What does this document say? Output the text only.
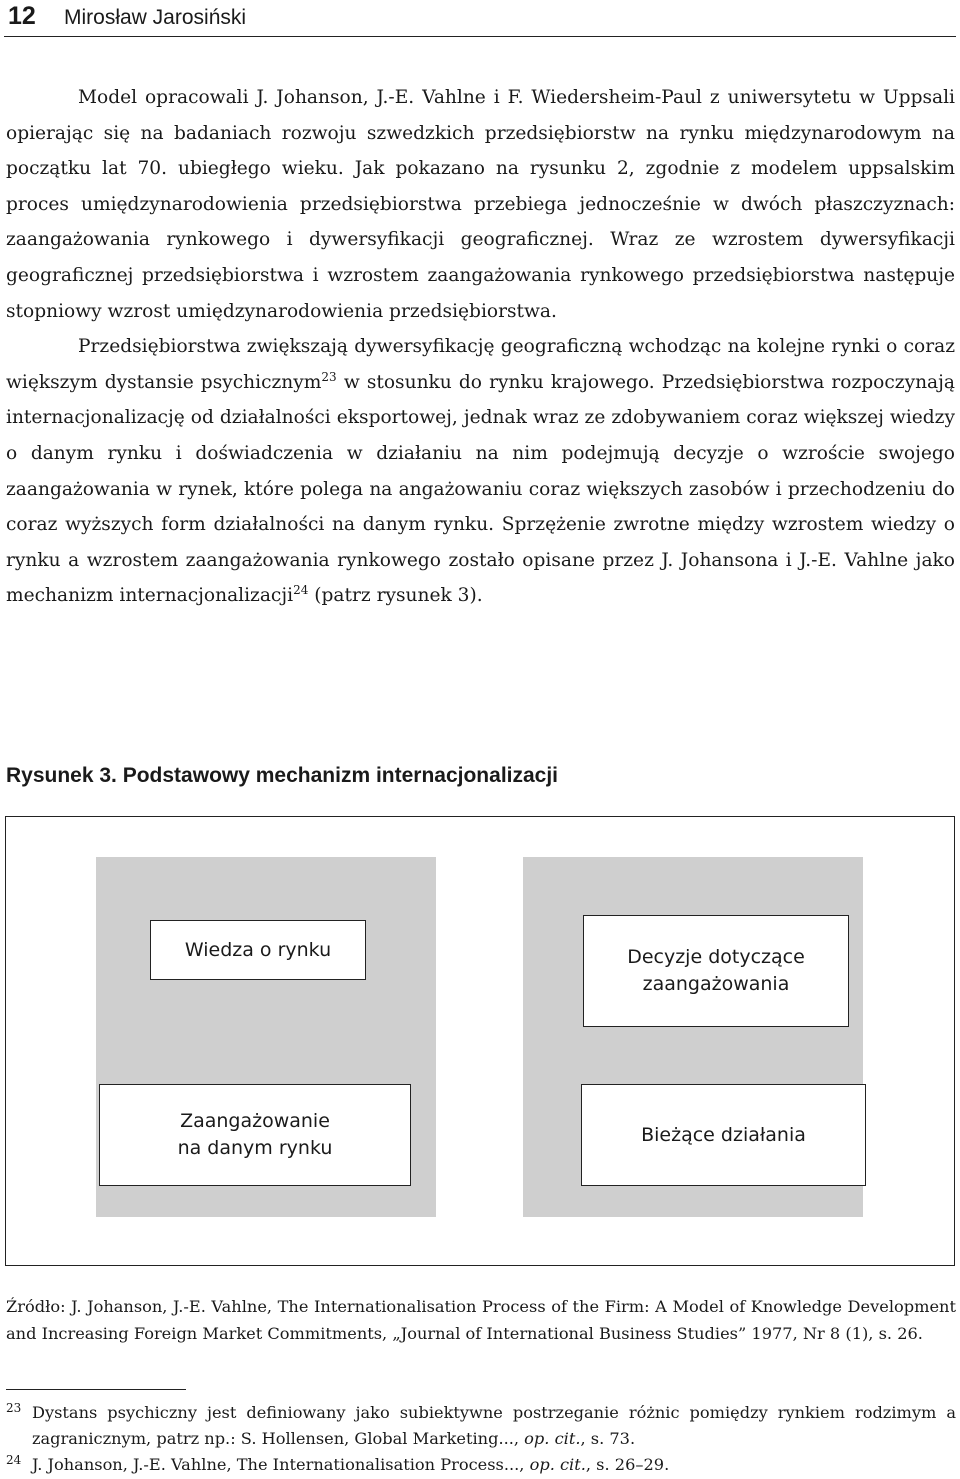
12 Mirosław Jarosiński

Model opracowali J. Johanson, J.-E. Vahlne i F. Wiedersheim-Paul z uniwersytetu w Uppsali opierając się na badaniach rozwoju szwedzkich przedsiębiorstw na rynku międzynarodowym na początku lat 70. ubiegłego wieku. Jak pokazano na rysunku 2, zgodnie z modelem uppsalskim proces umiędzynarodowienia przedsiębiorstwa przebiega jednocześnie w dwóch płaszczyznach: zaangażowania rynkowego i dywersyfikacji geograficznej. Wraz ze wzrostem dywersyfikacji geograficznej przedsiębiorstwa i wzrostem zaangażowania rynkowego przedsiębiorstwa następuje stopniowy wzrost umiędzynarodowienia przedsiębiorstwa.

Przedsiębiorstwa zwiększają dywersyfikację geograficzną wchodząc na kolejne rynki o coraz większym dystansie psychicznym$^{23}$ w stosunku do rynku krajowego. Przedsiębiorstwa rozpoczynają internacjonalizację od działalności eksportowej, jednak wraz ze zdobywaniem coraz większej wiedzy o danym rynku i doświadczenia w działaniu na nim podejmują decyzje o wzroście swojego zaangażowania w rynek, które polega na angażowaniu coraz większych zasobów i przechodzeniu do coraz wyższych form działalności na danym rynku. Sprzężenie zwrotne między wzrostem wiedzy o rynku a wzrostem zaangażowania rynkowego zostało opisane przez J. Johansona i J.-E. Vahlne jako mechanizm internacjonalizacji$^{24}$ (patrz rysunek 3).

Rysunek 3. Podstawowy mechanizm internacjonalizacji
Wiedza o rynku	Decyzje dotyczące
zaangażowania
Zaangażowanie
na danym rynku
Bieżące działania
Źródło: J. Johanson, J.-E. Vahlne, The Internationalisation Process of the Firm: A Model of Knowledge Development and Increasing Foreign Market Commitments, „Journal of International Business Studies” 1977, Nr 8 (1), s. 26.
23 Dystans psychiczny jest definiowany jako subiektywne postrzeganie różnic pomiędzy rynkiem rodzimym a zagranicznym, patrz np.: S. Hollensen, Global Marketing..., op. cit., s. 73.
24 J. Johanson, J.-E. Vahlne, The Internationalisation Process..., op. cit., s. 26–29.
